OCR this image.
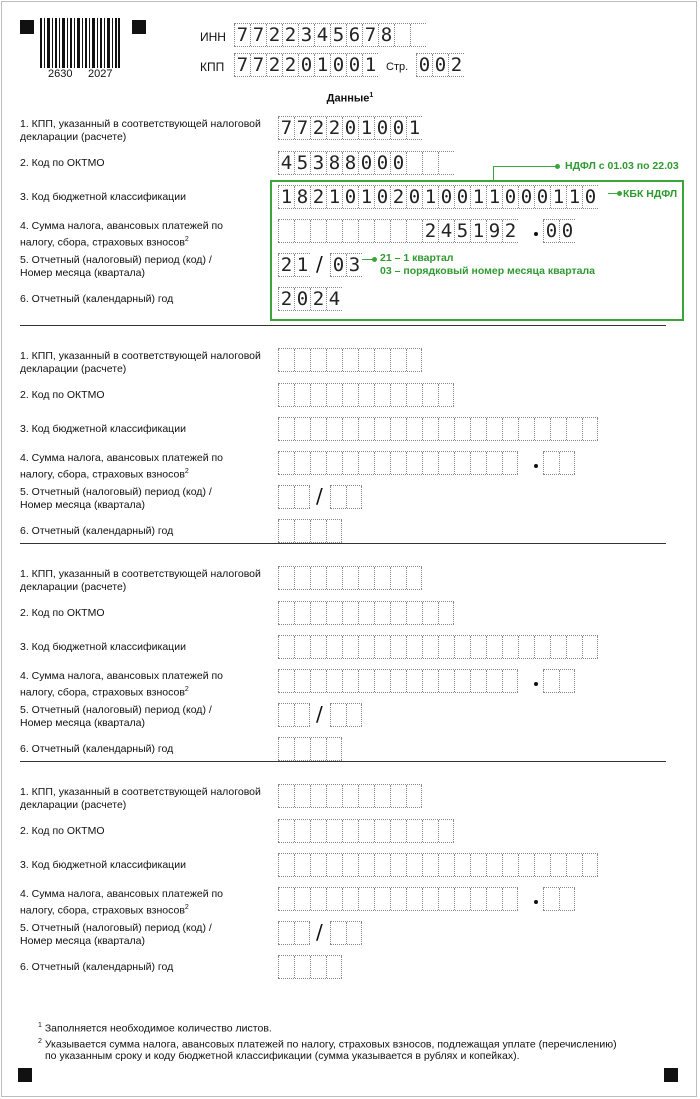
2630 2027
ИНН 7 7 2 2 3 4 5 6 7 8
КПП 7 7 2 2 0 1 0 0 1 Стр. 0 0 2
Данные$^1$
1. КПП, указанный в соответствующей налоговой
декларации (расчете)	7 7 2 2 0 1 0 0 1
2. Код по ОКТМО	4 5 3 8 8 0 0 0
3. Код бюджетной классификации	1 8 2 1 0 1 0 2 0 1 0 0 1 1 0 0 0 1 1 0
4. Сумма налога, авансовых платежей по
налогу, сбора, страховых взносов$^2$	2 4 5 1 9 2 0 0
5. Отчетный (налоговый) период (код) /
Номер месяца (квартала)	2 1 / 0 3
6. Отчетный (календарный) год	2 0 2 4
1. КПП, указанный в соответствующей налоговой
декларации (расчете)
2. Код по ОКТМО
3. Код бюджетной классификации
4. Сумма налога, авансовых платежей по
налогу, сбора, страховых взносов$^2$
5. Отчетный (налоговый) период (код) /
Номер месяца (квартала)	/
6. Отчетный (календарный) год
1. КПП, указанный в соответствующей налоговой
декларации (расчете)
2. Код по ОКТМО
3. Код бюджетной классификации
4. Сумма налога, авансовых платежей по
налогу, сбора, страховых взносов$^2$
5. Отчетный (налоговый) период (код) /
Номер месяца (квартала)	/
6. Отчетный (календарный) год
1. КПП, указанный в соответствующей налоговой
декларации (расчете)
2. Код по ОКТМО
3. Код бюджетной классификации
4. Сумма налога, авансовых платежей по
налогу, сбора, страховых взносов$^2$
5. Отчетный (налоговый) период (код) /
Номер месяца (квартала)	/
6. Отчетный (календарный) год
НДФЛ с 01.03 по 22.03
КБК НДФЛ
21 – 1 квартал
03 – порядковый номер месяца квартала
$^1$ Заполняется необходимое количество листов.
$^2$ Указывается сумма налога, авансовых платежей по налогу, страховых взносов, подлежащая уплате (перечислению)
по указанным сроку и коду бюджетной классификации (сумма указывается в рублях и копейках).
